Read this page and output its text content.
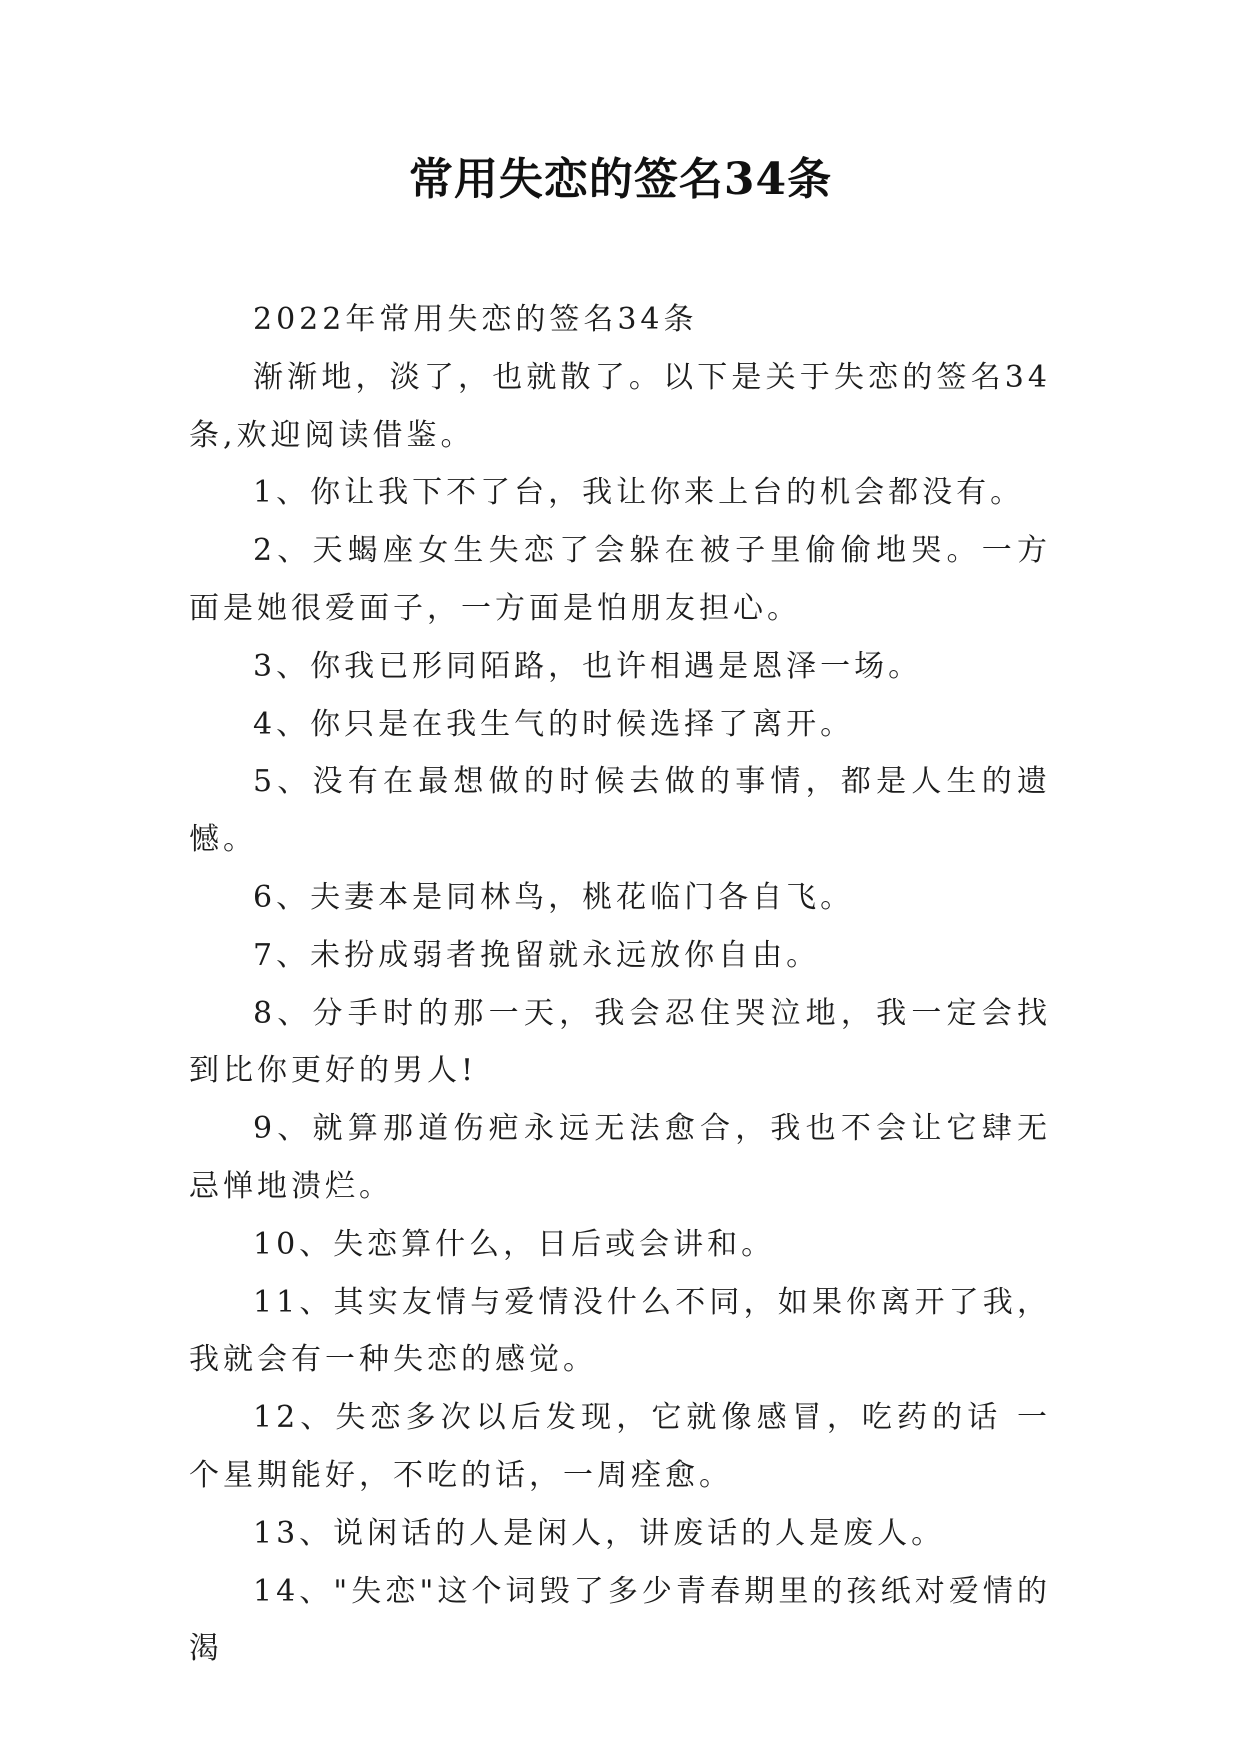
常用失恋的签名34条

2022年常用失恋的签名34条

渐渐地，淡了，也就散了。以下是关于失恋的签名34条,欢迎阅读借鉴。

1、你让我下不了台，我让你来上台的机会都没有。

2、天蝎座女生失恋了会躲在被子里偷偷地哭。一方面是她很爱面子，一方面是怕朋友担心。

3、你我已形同陌路，也许相遇是恩泽一场。

4、你只是在我生气的时候选择了离开。

5、没有在最想做的时候去做的事情，都是人生的遗憾。

6、夫妻本是同林鸟，桃花临门各自飞。

7、未扮成弱者挽留就永远放你自由。

8、分手时的那一天，我会忍住哭泣地，我一定会找到比你更好的男人!

9、就算那道伤疤永远无法愈合，我也不会让它肆无忌惮地溃烂。

10、失恋算什么，日后或会讲和。

11、其实友情与爱情没什么不同，如果你离开了我，我就会有一种失恋的感觉。

12、失恋多次以后发现，它就像感冒，吃药的话 一个星期能好，不吃的话，一周痊愈。

13、说闲话的人是闲人，讲废话的人是废人。

14、"失恋"这个词毁了多少青春期里的孩纸对爱情的渴
